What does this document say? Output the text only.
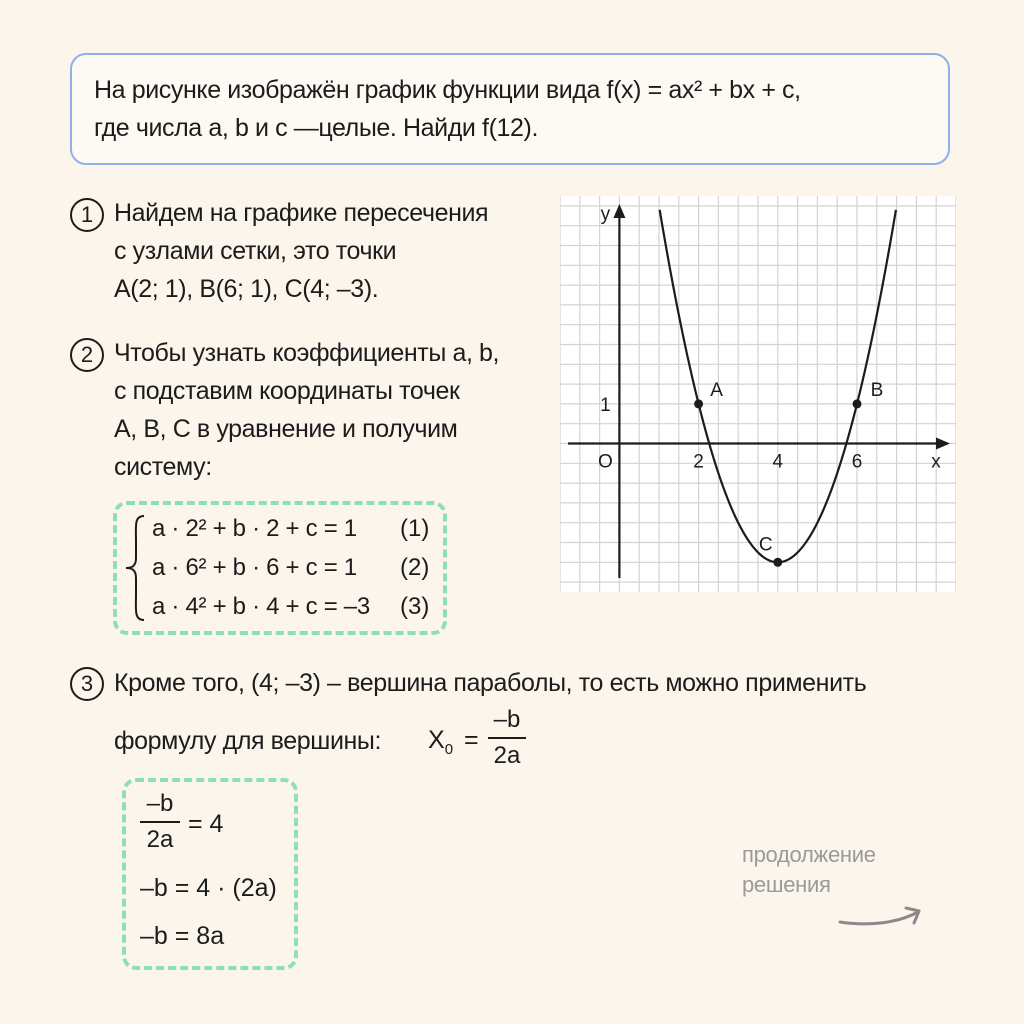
На рисунке изображён график функции вида f(x) = ax² + bx + c,
где числа a, b и c —целые. Найди f(12).
1 Найдем на графике пересечения
с узлами сетки, это точки
A(2; 1), B(6; 1), C(4; –3).
2 Чтобы узнать коэффициенты a, b,
с подставим координаты точек
A, B, C в уравнение и получим
систему:
a · 2² + b · 2 + c = 1 (1)
a · 6² + b · 6 + c = 1 (2)
a · 4² + b · 4 + c = –3 (3)
3 Кроме того, (4; –3) – вершина параболы, то есть можно применить
формулу для вершины: $X_0$ =
–b
2a
–b
2a
= 4
–b = 4 · (2a)
–b = 8a
продолжение
решения
A	B
C
O	2	4	6
1
x
y
